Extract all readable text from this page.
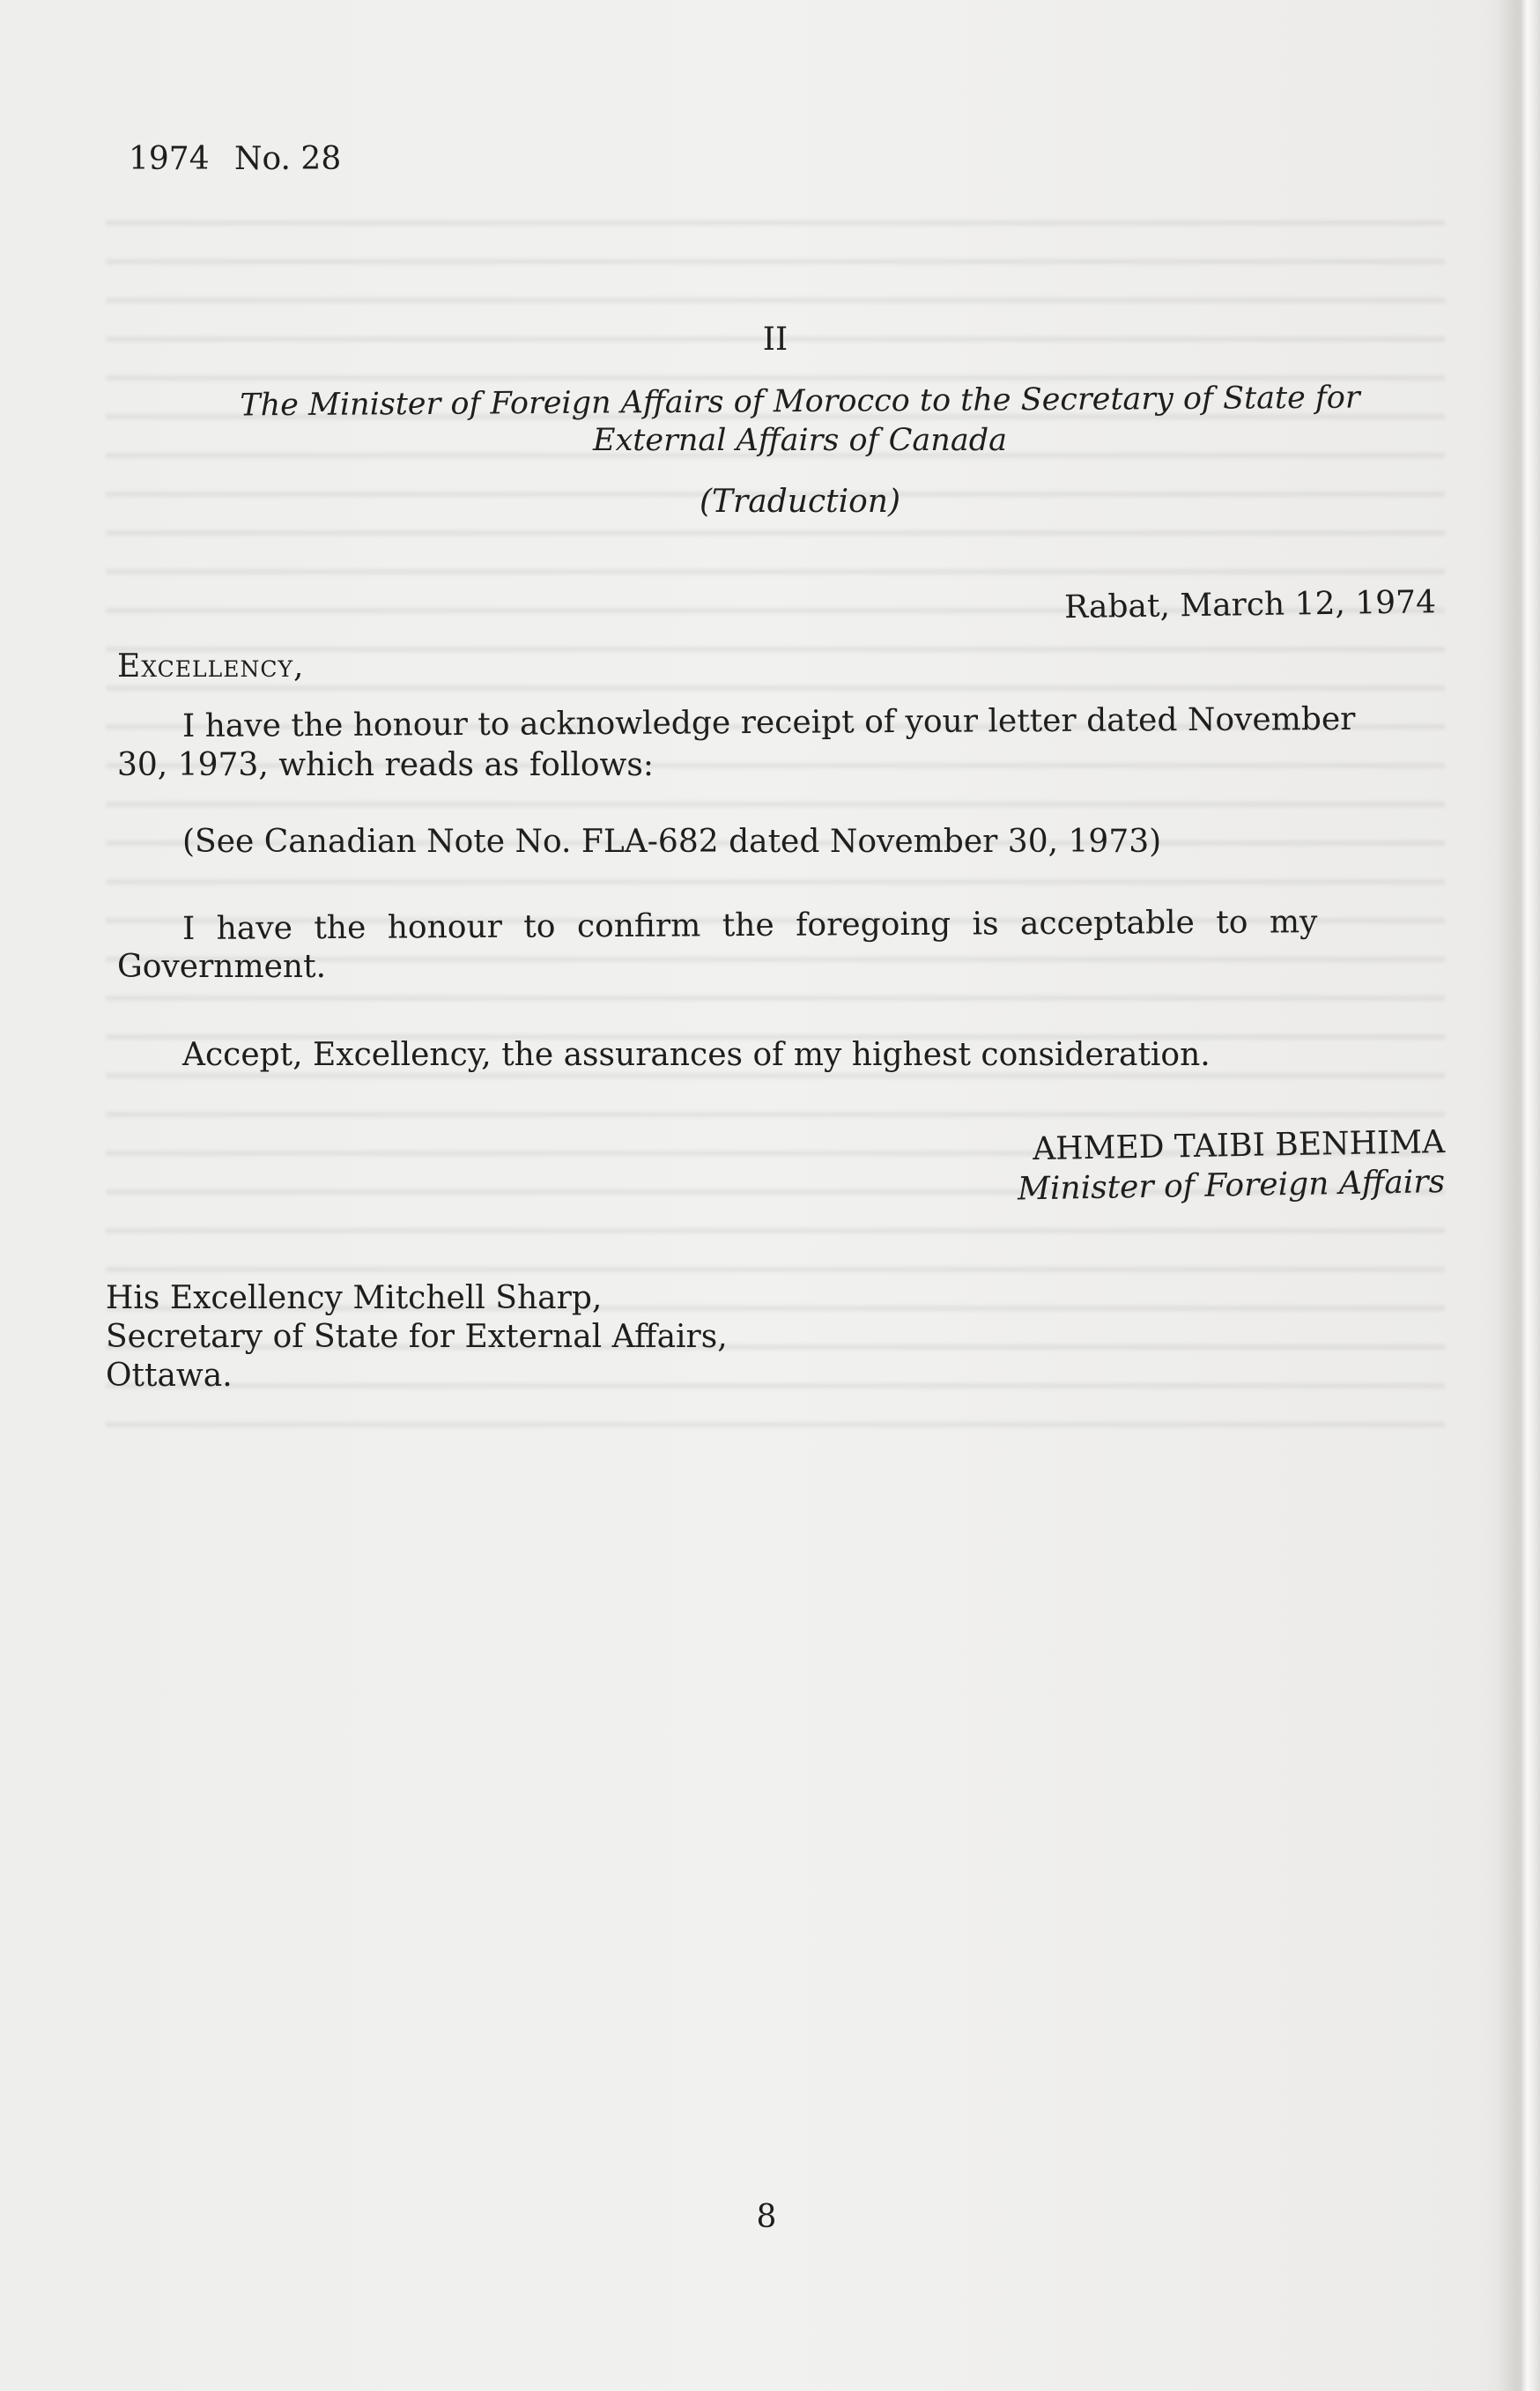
1974 No. 28

II

The Minister of Foreign Affairs of Morocco to the Secretary of State for

External Affairs of Canada

(Traduction)

Rabat, March 12, 1974

Excellency,

I have the honour to acknowledge receipt of your letter dated November

30, 1973, which reads as follows:

(See Canadian Note No. FLA-682 dated November 30, 1973)

I have the honour to confirm the foregoing is acceptable to my

Government.

Accept, Excellency, the assurances of my highest consideration.

AHMED TAIBI BENHIMA

Minister of Foreign Affairs

His Excellency Mitchell Sharp,

Secretary of State for External Affairs,

Ottawa.

8
